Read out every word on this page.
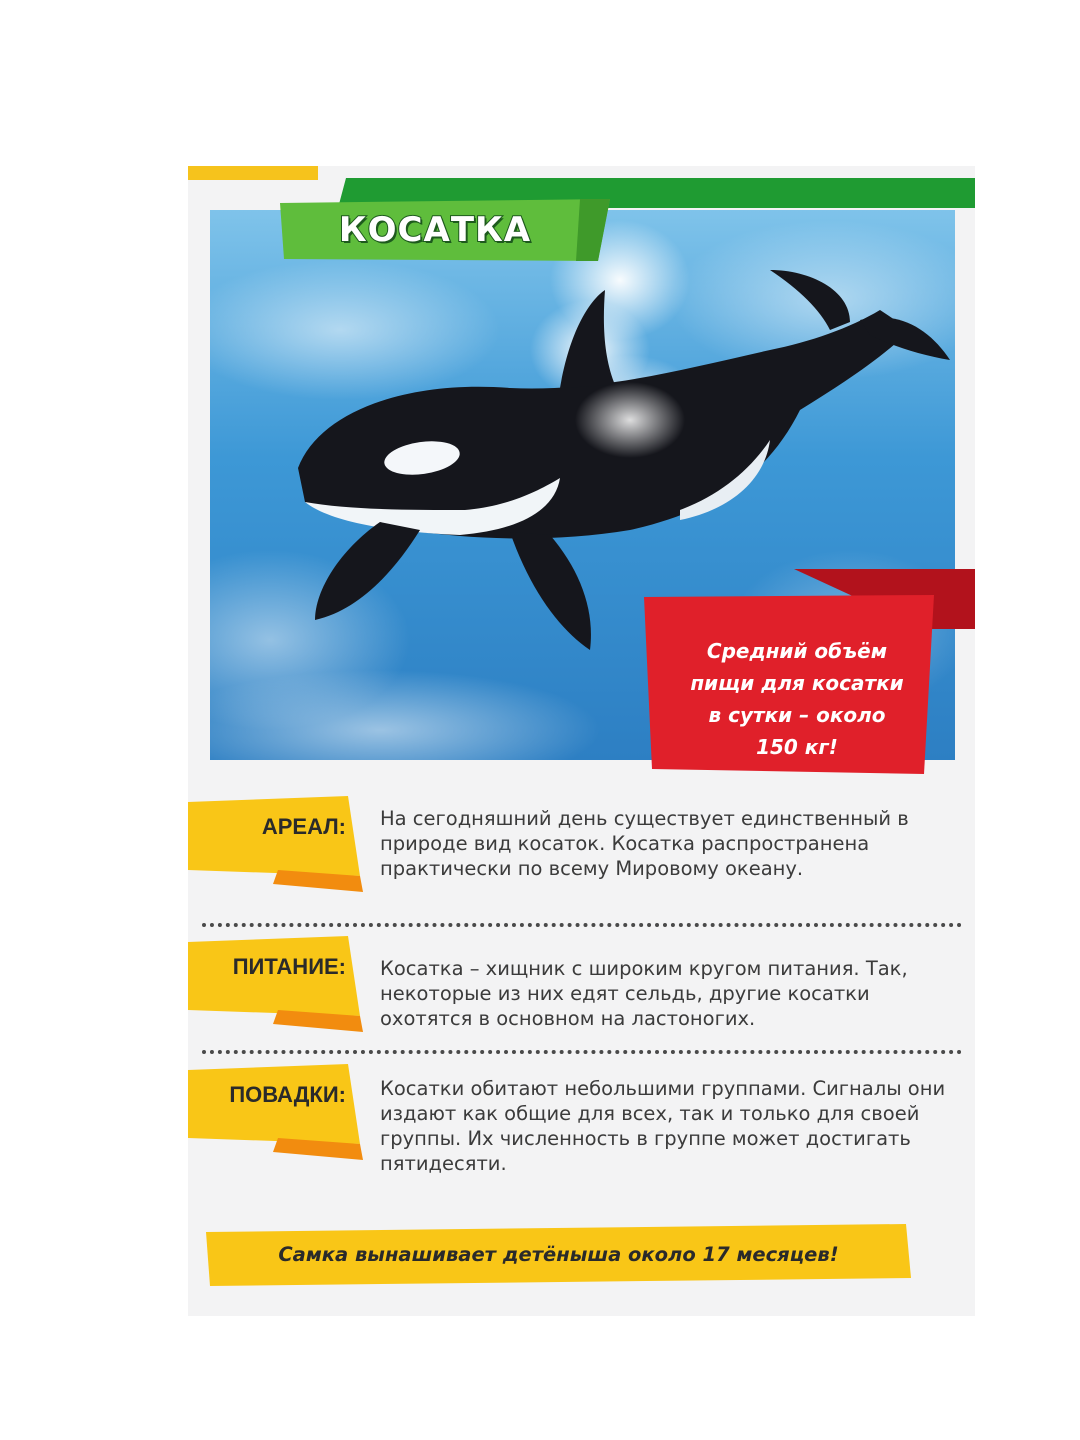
КОСАТКА
Средний объём
пищи для косатки
в сутки – около
150 кг!
АРЕАЛ: На сегодняшний день существует единственный в природе вид косаток. Косатка распространена практически по всему Мировому океану.
ПИТАНИЕ: Косатка – хищник с широким кругом питания. Так, некоторые из них едят сельдь, другие косатки охотятся в основном на ластоногих.
ПОВАДКИ: Косатки обитают небольшими группами. Сигналы они издают как общие для всех, так и только для своей группы. Их численность в группе может достигать пятидесяти.
Самка вынашивает детёныша около 17 месяцев!
